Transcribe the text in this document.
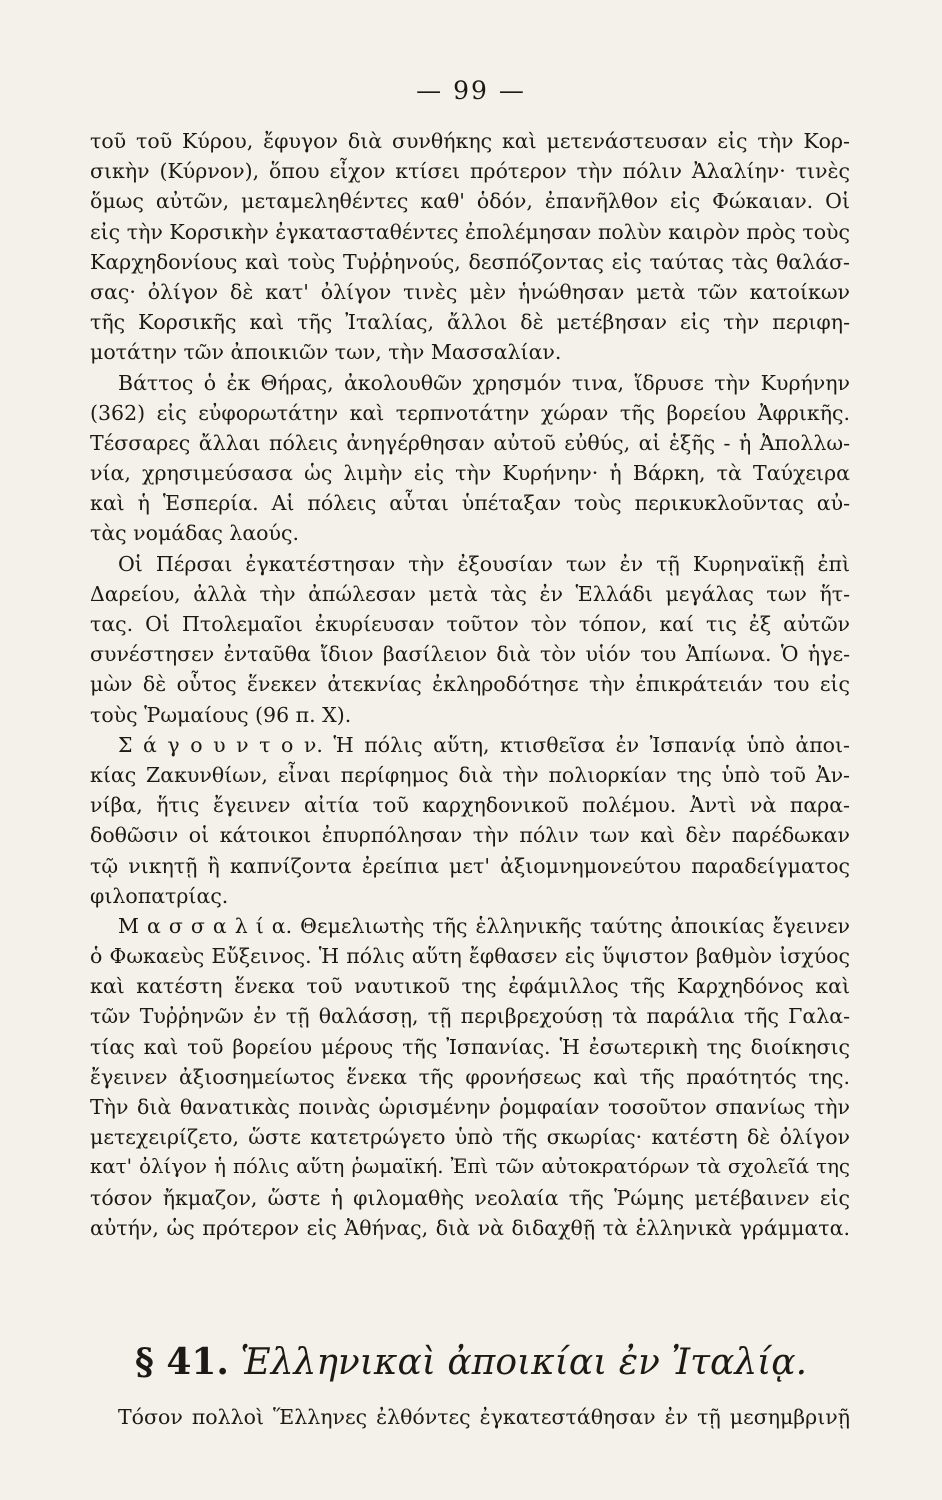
— 99 —
τοῦ τοῦ Κύρου, ἔφυγον διὰ συνθήκης καὶ μετενάστευσαν εἰς τὴν Κορ-
σικὴν (Κύρνον), ὅπου εἶχον κτίσει πρότερον τὴν πόλιν Ἀλαλίην· τινὲς
ὅμως αὐτῶν, μεταμεληθέντες καθ' ὁδόν, ἐπανῆλθον εἰς Φώκαιαν. Οἱ
εἰς τὴν Κορσικὴν ἐγκατασταθέντες ἐπολέμησαν πολὺν καιρὸν πρὸς τοὺς
Καρχηδονίους καὶ τοὺς Τυῤῥηνούς, δεσπόζοντας εἰς ταύτας τὰς θαλάσ-
σας· ὀλίγον δὲ κατ' ὀλίγον τινὲς μὲν ἡνώθησαν μετὰ τῶν κατοίκων
τῆς Κορσικῆς καὶ τῆς Ἰταλίας, ἄλλοι δὲ μετέβησαν εἰς τὴν περιφη-
μοτάτην τῶν ἀποικιῶν των, τὴν Μασσαλίαν.
Βάττος ὁ ἐκ Θήρας, ἀκολουθῶν χρησμόν τινα, ἵδρυσε τὴν Κυρήνην
(362) εἰς εὐφορωτάτην καὶ τερπνοτάτην χώραν τῆς βορείου Ἀφρικῆς.
Τέσσαρες ἄλλαι πόλεις ἀνηγέρθησαν αὐτοῦ εὐθύς, αἱ ἑξῆς - ἡ Ἀπολλω-
νία, χρησιμεύσασα ὡς λιμὴν εἰς τὴν Κυρήνην· ἡ Βάρκη, τὰ Ταύχειρα
καὶ ἡ Ἑσπερία. Αἱ πόλεις αὗται ὑπέταξαν τοὺς περικυκλοῦντας αὐ-
τὰς νομάδας λαούς.
Οἱ Πέρσαι ἐγκατέστησαν τὴν ἐξουσίαν των ἐν τῇ Κυρηναϊκῇ ἐπὶ
Δαρείου, ἀλλὰ τὴν ἀπώλεσαν μετὰ τὰς ἐν Ἑλλάδι μεγάλας των ἥτ-
τας. Οἱ Πτολεμαῖοι ἐκυρίευσαν τοῦτον τὸν τόπον, καί τις ἐξ αὐτῶν
συνέστησεν ἐνταῦθα ἴδιον βασίλειον διὰ τὸν υἱόν του Ἀπίωνα. Ὁ ἡγε-
μὼν δὲ οὗτος ἕνεκεν ἀτεκνίας ἐκληροδότησε τὴν ἐπικράτειάν του εἰς
τοὺς Ῥωμαίους (96 π. Χ).
Σ ά γ ο υ ν τ ο ν. Ἡ πόλις αὕτη, κτισθεῖσα ἐν Ἰσπανίᾳ ὑπὸ ἀποι-
κίας Ζακυνθίων, εἶναι περίφημος διὰ τὴν πολιορκίαν της ὑπὸ τοῦ Ἀν-
νίβα, ἥτις ἔγεινεν αἰτία τοῦ καρχηδονικοῦ πολέμου. Ἀντὶ νὰ παρα-
δοθῶσιν οἱ κάτοικοι ἐπυρπόλησαν τὴν πόλιν των καὶ δὲν παρέδωκαν
τῷ νικητῇ ἢ καπνίζοντα ἐρείπια μετ' ἀξιομνημονεύτου παραδείγματος
φιλοπατρίας.
Μ α σ σ α λ ί α. Θεμελιωτὴς τῆς ἑλληνικῆς ταύτης ἀποικίας ἔγεινεν
ὁ Φωκαεὺς Εὔξεινος. Ἡ πόλις αὕτη ἔφθασεν εἰς ὕψιστον βαθμὸν ἰσχύος
καὶ κατέστη ἕνεκα τοῦ ναυτικοῦ της ἐφάμιλλος τῆς Καρχηδόνος καὶ
τῶν Τυῤῥηνῶν ἐν τῇ θαλάσσῃ, τῇ περιβρεχούσῃ τὰ παράλια τῆς Γαλα-
τίας καὶ τοῦ βορείου μέρους τῆς Ἰσπανίας. Ἡ ἐσωτερικὴ της διοίκησις
ἔγεινεν ἀξιοσημείωτος ἕνεκα τῆς φρονήσεως καὶ τῆς πραότητός της.
Τὴν διὰ θανατικὰς ποινὰς ὡρισμένην ῥομφαίαν τοσοῦτον σπανίως τὴν
μετεχειρίζετο, ὥστε κατετρώγετο ὑπὸ τῆς σκωρίας· κατέστη δὲ ὀλίγον
κατ' ὀλίγον ἡ πόλις αὕτη ῥωμαϊκή. Ἐπὶ τῶν αὐτοκρατόρων τὰ σχολεῖά της
τόσον ἤκμαζον, ὥστε ἡ φιλομαθὴς νεολαία τῆς Ῥώμης μετέβαινεν εἰς
αὐτήν, ὡς πρότερον εἰς Ἀθήνας, διὰ νὰ διδαχθῇ τὰ ἑλληνικὰ γράμματα.
§ 41. Ἑλληνικαὶ ἀποικίαι ἐν Ἰταλίᾳ.
Τόσον πολλοὶ Ἕλληνες ἐλθόντες ἐγκατεστάθησαν ἐν τῇ μεσημβρινῇ
